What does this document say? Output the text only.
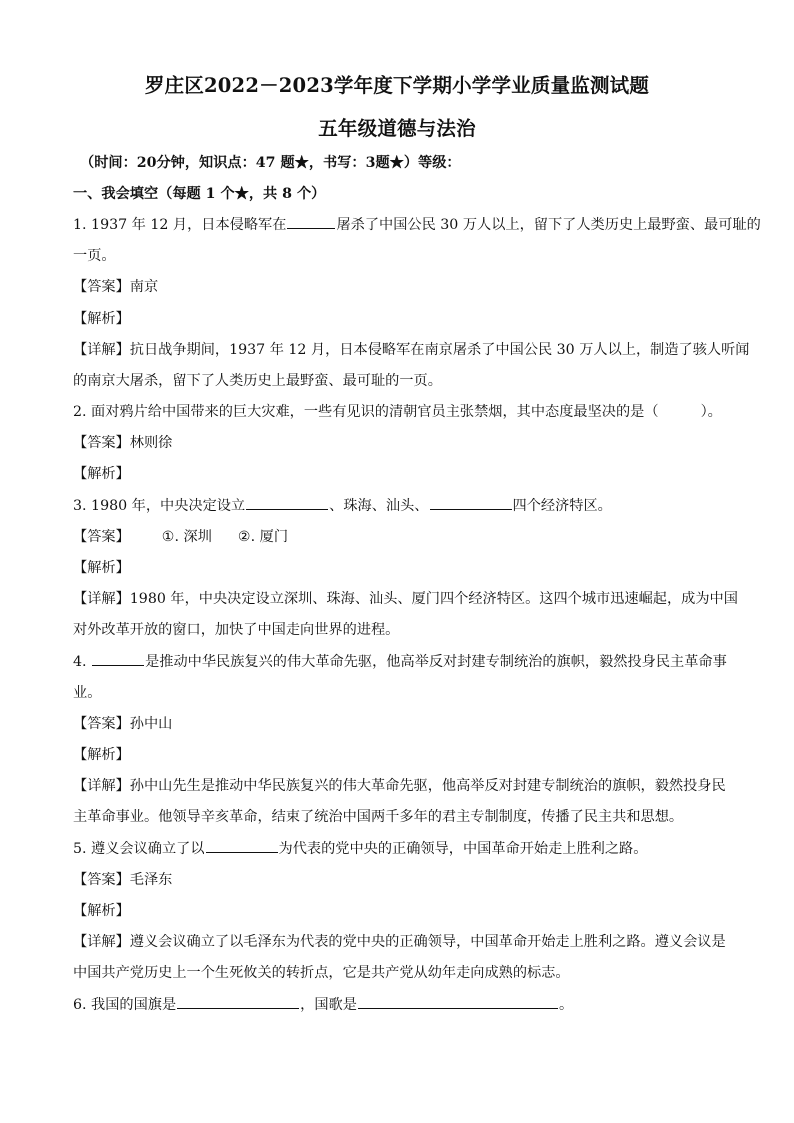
罗庄区2022－2023学年度下学期小学学业质量监测试题
五年级道德与法治
（时间：20分钟，知识点：47 题★，书写：3题★）等级：
一、我会填空（每题 1 个★，共 8 个）
1. 1937 年 12 月，日本侵略军在	屠杀了中国公民 30 万人以上，留下了人类历史上最野蛮、最可耻的
一页。
【答案】南京
【解析】
【详解】抗日战争期间，1937 年 12 月，日本侵略军在南京屠杀了中国公民 30 万人以上，制造了骇人听闻
的南京大屠杀，留下了人类历史上最野蛮、最可耻的一页。
2. 面对鸦片给中国带来的巨大灾难，一些有见识的清朝官员主张禁烟，其中态度最坚决的是（	）。
【答案】林则徐
【解析】
3. 1980 年，中央决定设立	、珠海、汕头、	四个经济特区。
【答案】 ①. 深圳 ②. 厦门
【解析】
【详解】1980 年，中央决定设立深圳、珠海、汕头、厦门四个经济特区。这四个城市迅速崛起，成为中国
对外改革开放的窗口，加快了中国走向世界的进程。
4.	是推动中华民族复兴的伟大革命先驱，他高举反对封建专制统治的旗帜，毅然投身民主革命事
业。
【答案】孙中山
【解析】
【详解】孙中山先生是推动中华民族复兴的伟大革命先驱，他高举反对封建专制统治的旗帜，毅然投身民
主革命事业。他领导辛亥革命，结束了统治中国两千多年的君主专制制度，传播了民主共和思想。
5. 遵义会议确立了以	为代表的党中央的正确领导，中国革命开始走上胜利之路。
【答案】毛泽东
【解析】
【详解】遵义会议确立了以毛泽东为代表的党中央的正确领导，中国革命开始走上胜利之路。遵义会议是
中国共产党历史上一个生死攸关的转折点，它是共产党从幼年走向成熟的标志。
6. 我国的国旗是	，国歌是	。
